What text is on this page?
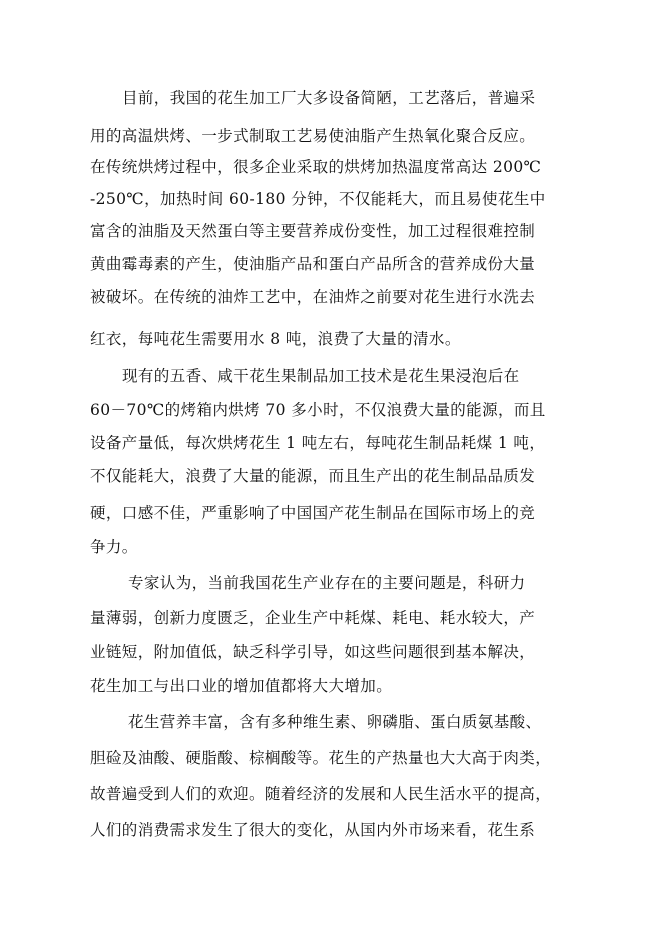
目前，我国的花生加工厂大多设备简陋，工艺落后，普遍采
用的高温烘烤、一步式制取工艺易使油脂产生热氧化聚合反应。
在传统烘烤过程中，很多企业采取的烘烤加热温度常高达 200℃
-250℃，加热时间 60-180 分钟，不仅能耗大，而且易使花生中
富含的油脂及天然蛋白等主要营养成份变性，加工过程很难控制
黄曲霉毒素的产生，使油脂产品和蛋白产品所含的营养成份大量
被破坏。在传统的油炸工艺中，在油炸之前要对花生进行水洗去
红衣，每吨花生需要用水 8 吨，浪费了大量的清水。
现有的五香、咸干花生果制品加工技术是花生果浸泡后在
60－70℃的烤箱内烘烤 70 多小时，不仅浪费大量的能源，而且
设备产量低，每次烘烤花生 1 吨左右，每吨花生制品耗煤 1 吨，
不仅能耗大，浪费了大量的能源，而且生产出的花生制品品质发
硬，口感不佳，严重影响了中国国产花生制品在国际市场上的竞
争力。
专家认为，当前我国花生产业存在的主要问题是，科研力
量薄弱，创新力度匮乏，企业生产中耗煤、耗电、耗水较大，产
业链短，附加值低，缺乏科学引导，如这些问题很到基本解决，
花生加工与出口业的增加值都将大大增加。
花生营养丰富，含有多种维生素、卵磷脂、蛋白质氨基酸、
胆硷及油酸、硬脂酸、棕榈酸等。花生的产热量也大大高于肉类，
故普遍受到人们的欢迎。随着经济的发展和人民生活水平的提高，
人们的消费需求发生了很大的变化，从国内外市场来看，花生系
